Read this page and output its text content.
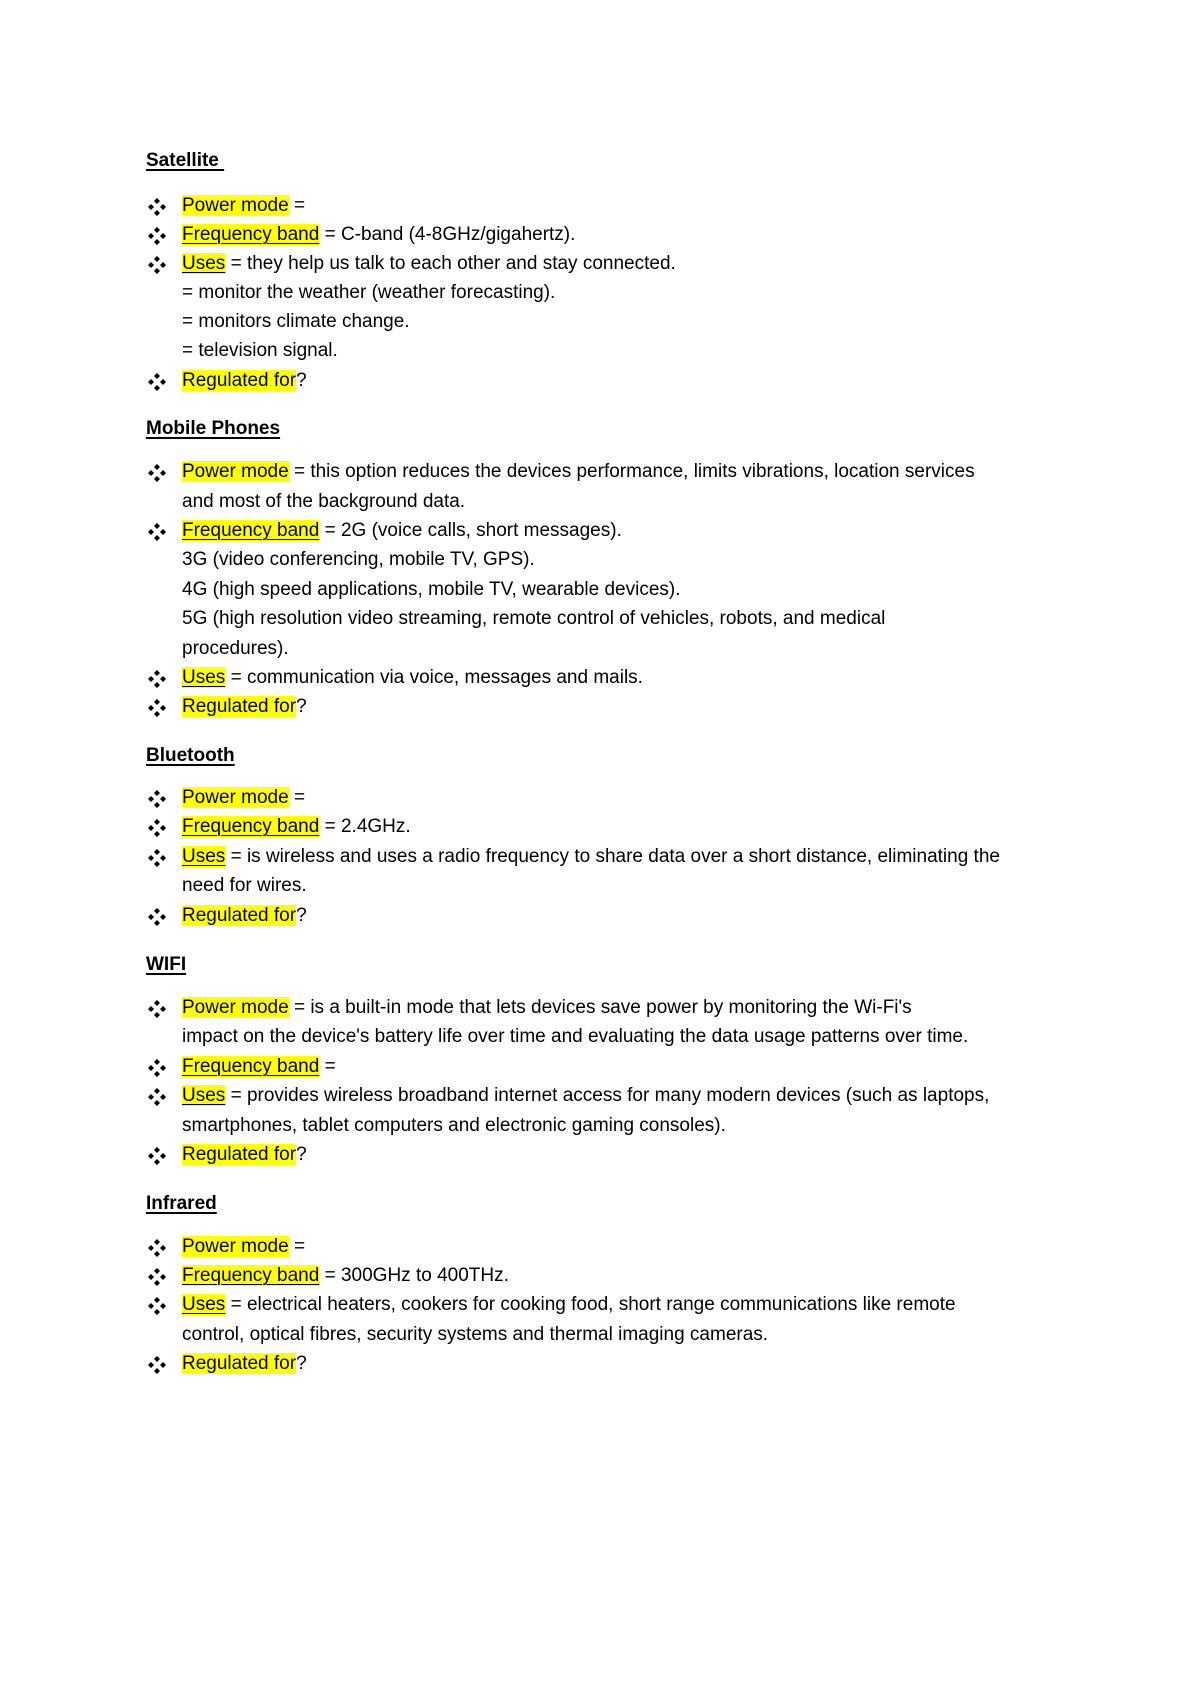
Satellite
Power mode =
Frequency band = C-band (4-8GHz/gigahertz).
Uses = they help us talk to each other and stay connected.
= monitor the weather (weather forecasting).
= monitors climate change.
= television signal.
Regulated for?
Mobile Phones
Power mode = this option reduces the devices performance, limits vibrations, location services
and most of the background data.
Frequency band = 2G (voice calls, short messages).
3G (video conferencing, mobile TV, GPS).
4G (high speed applications, mobile TV, wearable devices).
5G (high resolution video streaming, remote control of vehicles, robots, and medical
procedures).
Uses = communication via voice, messages and mails.
Regulated for?
Bluetooth
Power mode =
Frequency band = 2.4GHz.
Uses = is wireless and uses a radio frequency to share data over a short distance, eliminating the
need for wires.
Regulated for?
WIFI
Power mode = is a built-in mode that lets devices save power by monitoring the Wi-Fi's
impact on the device's battery life over time and evaluating the data usage patterns over time.
Frequency band =
Uses = provides wireless broadband internet access for many modern devices (such as laptops,
smartphones, tablet computers and electronic gaming consoles).
Regulated for?
Infrared
Power mode =
Frequency band = 300GHz to 400THz.
Uses = electrical heaters, cookers for cooking food, short range communications like remote
control, optical fibres, security systems and thermal imaging cameras.
Regulated for?
